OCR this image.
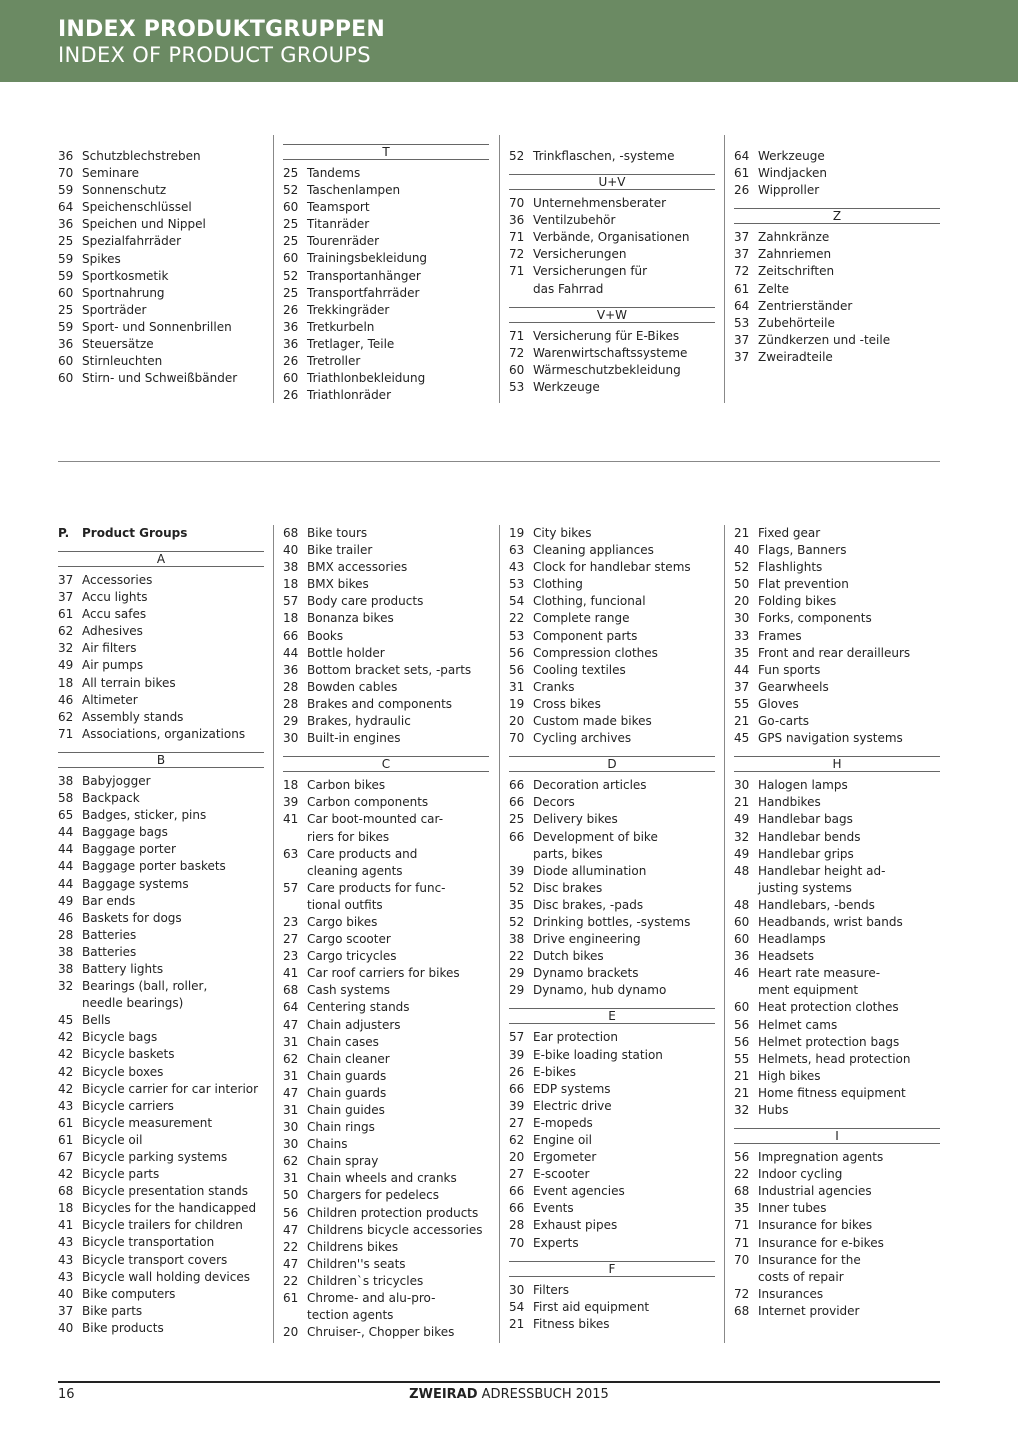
INDEX PRODUKTGRUPPEN
INDEX OF PRODUCT GROUPS
36 Schutzblechstreben
70 Seminare
59 Sonnenschutz
64 Speichenschlüssel
36 Speichen und Nippel
25 Spezialfahrräder
59 Spikes
59 Sportkosmetik
60 Sportnahrung
25 Sporträder
59 Sport- und Sonnenbrillen
36 Steuersätze
60 Stirnleuchten
60 Stirn- und Schweißbänder
T
25 Tandems
52 Taschenlampen
60 Teamsport
25 Titanräder
25 Tourenräder
60 Trainingsbekleidung
52 Transportanhänger
25 Transportfahrräder
26 Trekkingräder
36 Tretkurbeln
36 Tretlager, Teile
26 Tretroller
60 Triathlonbekleidung
26 Triathlonräder
52 Trinkflaschen, -systeme
U+V
70 Unternehmensberater
36 Ventilzubehör
71 Verbände, Organisationen
72 Versicherungen
71 Versicherungen für
das Fahrrad
V+W
71 Versicherung für E-Bikes
72 Warenwirtschaftssysteme
60 Wärmeschutzbekleidung
53 Werkzeuge
64 Werkzeuge
61 Windjacken
26 Wipproller
Z
37 Zahnkränze
37 Zahnriemen
72 Zeitschriften
61 Zelte
64 Zentrierständer
53 Zubehörteile
37 Zündkerzen und -teile
37 Zweiradteile
P.	Product Groups
A
37 Accessories
37 Accu lights
61 Accu safes
62 Adhesives
32 Air filters
49 Air pumps
18 All terrain bikes
46 Altimeter
62 Assembly stands
71 Associations, organizations
B
38 Babyjogger
58 Backpack
65 Badges, sticker, pins
44 Baggage bags
44 Baggage porter
44 Baggage porter baskets
44 Baggage systems
49 Bar ends
46 Baskets for dogs
28 Batteries
38 Batteries
38 Battery lights
32 Bearings (ball, roller,
needle bearings)
45 Bells
42 Bicycle bags
42 Bicycle baskets
42 Bicycle boxes
42 Bicycle carrier for car interior
43 Bicycle carriers
61 Bicycle measurement
61 Bicycle oil
67 Bicycle parking systems
42 Bicycle parts
68 Bicycle presentation stands
18 Bicycles for the handicapped
41 Bicycle trailers for children
43 Bicycle transportation
43 Bicycle transport covers
43 Bicycle wall holding devices
40 Bike computers
37 Bike parts
40 Bike products
68 Bike tours
40 Bike trailer
38 BMX accessories
18 BMX bikes
57 Body care products
18 Bonanza bikes
66 Books
44 Bottle holder
36 Bottom bracket sets, -parts
28 Bowden cables
28 Brakes and components
29 Brakes, hydraulic
30 Built-in engines
C
18 Carbon bikes
39 Carbon components
41 Car boot-mounted car-
riers for bikes
63 Care products and
cleaning agents
57 Care products for func-
tional outfits
23 Cargo bikes
27 Cargo scooter
23 Cargo tricycles
41 Car roof carriers for bikes
68 Cash systems
64 Centering stands
47 Chain adjusters
31 Chain cases
62 Chain cleaner
31 Chain guards
47 Chain guards
31 Chain guides
30 Chain rings
30 Chains
62 Chain spray
31 Chain wheels and cranks
50 Chargers for pedelecs
56 Children protection products
47 Childrens bicycle accessories
22 Childrens bikes
47 Children''s seats
22 Children`s tricycles
61 Chrome- and alu-pro-
tection agents
20 Chruiser-, Chopper bikes
19 City bikes
63 Cleaning appliances
43 Clock for handlebar stems
53 Clothing
54 Clothing, funcional
22 Complete range
53 Component parts
56 Compression clothes
56 Cooling textiles
31 Cranks
19 Cross bikes
20 Custom made bikes
70 Cycling archives
D
66 Decoration articles
66 Decors
25 Delivery bikes
66 Development of bike
parts, bikes
39 Diode allumination
52 Disc brakes
35 Disc brakes, -pads
52 Drinking bottles, -systems
38 Drive engineering
22 Dutch bikes
29 Dynamo brackets
29 Dynamo, hub dynamo
E
57 Ear protection
39 E-bike loading station
26 E-bikes
66 EDP systems
39 Electric drive
27 E-mopeds
62 Engine oil
20 Ergometer
27 E-scooter
66 Event agencies
66 Events
28 Exhaust pipes
70 Experts
F
30 Filters
54 First aid equipment
21 Fitness bikes
21 Fixed gear
40 Flags, Banners
52 Flashlights
50 Flat prevention
20 Folding bikes
30 Forks, components
33 Frames
35 Front and rear derailleurs
44 Fun sports
37 Gearwheels
55 Gloves
21 Go-carts
45 GPS navigation systems
H
30 Halogen lamps
21 Handbikes
49 Handlebar bags
32 Handlebar bends
49 Handlebar grips
48 Handlebar height ad-
justing systems
48 Handlebars, -bends
60 Headbands, wrist bands
60 Headlamps
36 Headsets
46 Heart rate measure-
ment equipment
60 Heat protection clothes
56 Helmet cams
56 Helmet protection bags
55 Helmets, head protection
21 High bikes
21 Home fitness equipment
32 Hubs
I
56 Impregnation agents
22 Indoor cycling
68 Industrial agencies
35 Inner tubes
71 Insurance for bikes
71 Insurance for e-bikes
70 Insurance for the
costs of repair
72 Insurances
68 Internet provider
16	ZWEIRAD ADRESSBUCH 2015
